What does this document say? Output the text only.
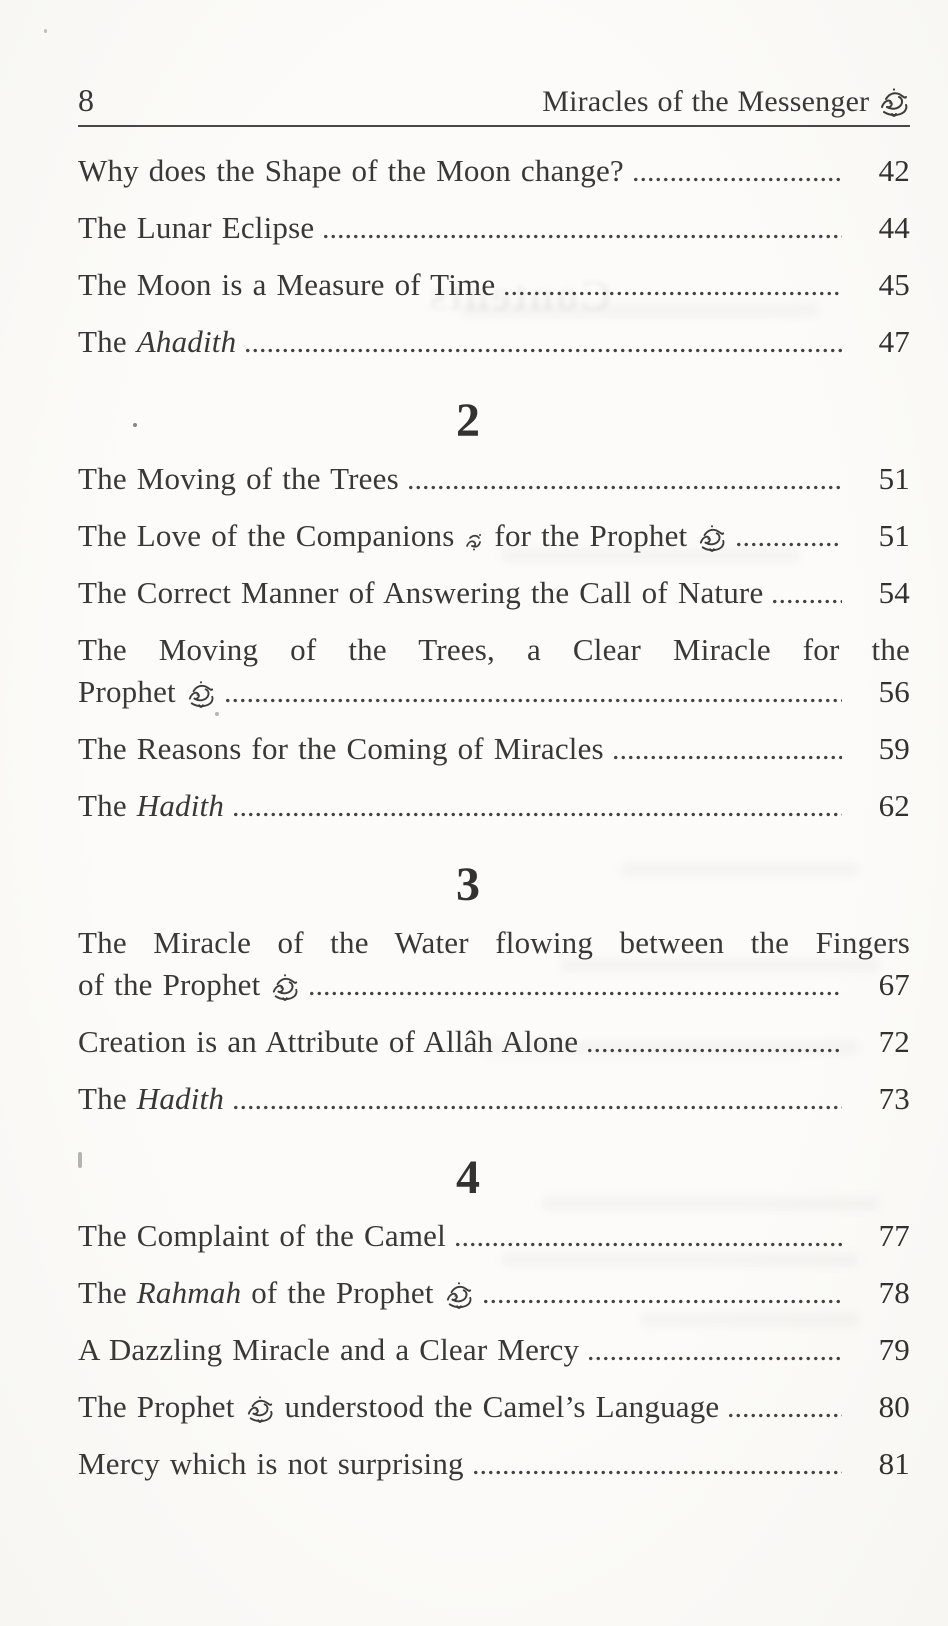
8	Miracles of the Messenger
Why does the Shape of the Moon change?	42
The Lunar Eclipse	44
The Moon is a Measure of Time	45
The Ahadith	47
2
The Moving of the Trees	51
The Love of the Companions  for the Prophet	51
The Correct Manner of Answering the Call of Nature	54
The Moving of the Trees, a Clear Miracle for the
Prophet	56
The Reasons for the Coming of Miracles	59
The Hadith	62
3
The Miracle of the Water flowing between the Fingers
of the Prophet	67
Creation is an Attribute of Allâh Alone	72
The Hadith	73
4
The Complaint of the Camel	77
The Rahmah of the Prophet	78
A Dazzling Miracle and a Clear Mercy	79
The Prophet  understood the Camel’s Language	80
Mercy which is not surprising	81
